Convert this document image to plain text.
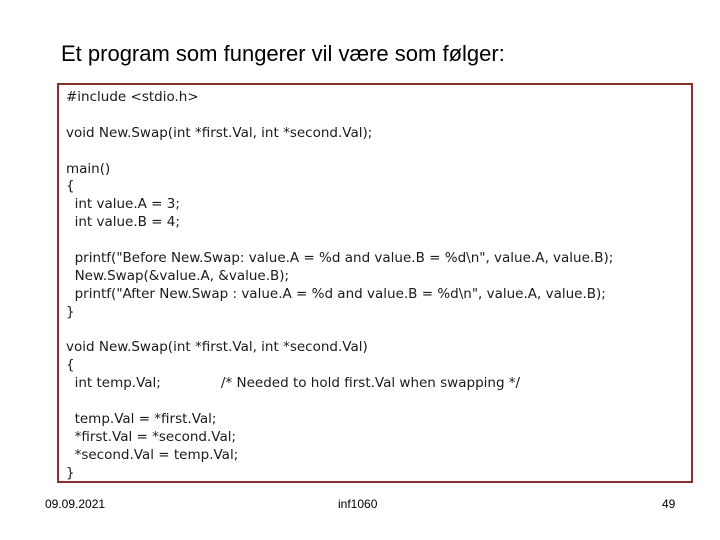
Et program som fungerer vil være som følger:
#include <stdio.h>
void New.Swap(int *first.Val, int *second.Val);
main()
{
int value.A = 3;
int value.B = 4;
printf("Before New.Swap: value.A = %d and value.B = %d\n", value.A, value.B);
New.Swap(&value.A, &value.B);
printf("After New.Swap : value.A = %d and value.B = %d\n", value.A, value.B);
}
void New.Swap(int *first.Val, int *second.Val)
{
int temp.Val;              /* Needed to hold first.Val when swapping */
temp.Val = *first.Val;
*first.Val = *second.Val;
*second.Val = temp.Val;
}
09.09.2021	inf1060	49
